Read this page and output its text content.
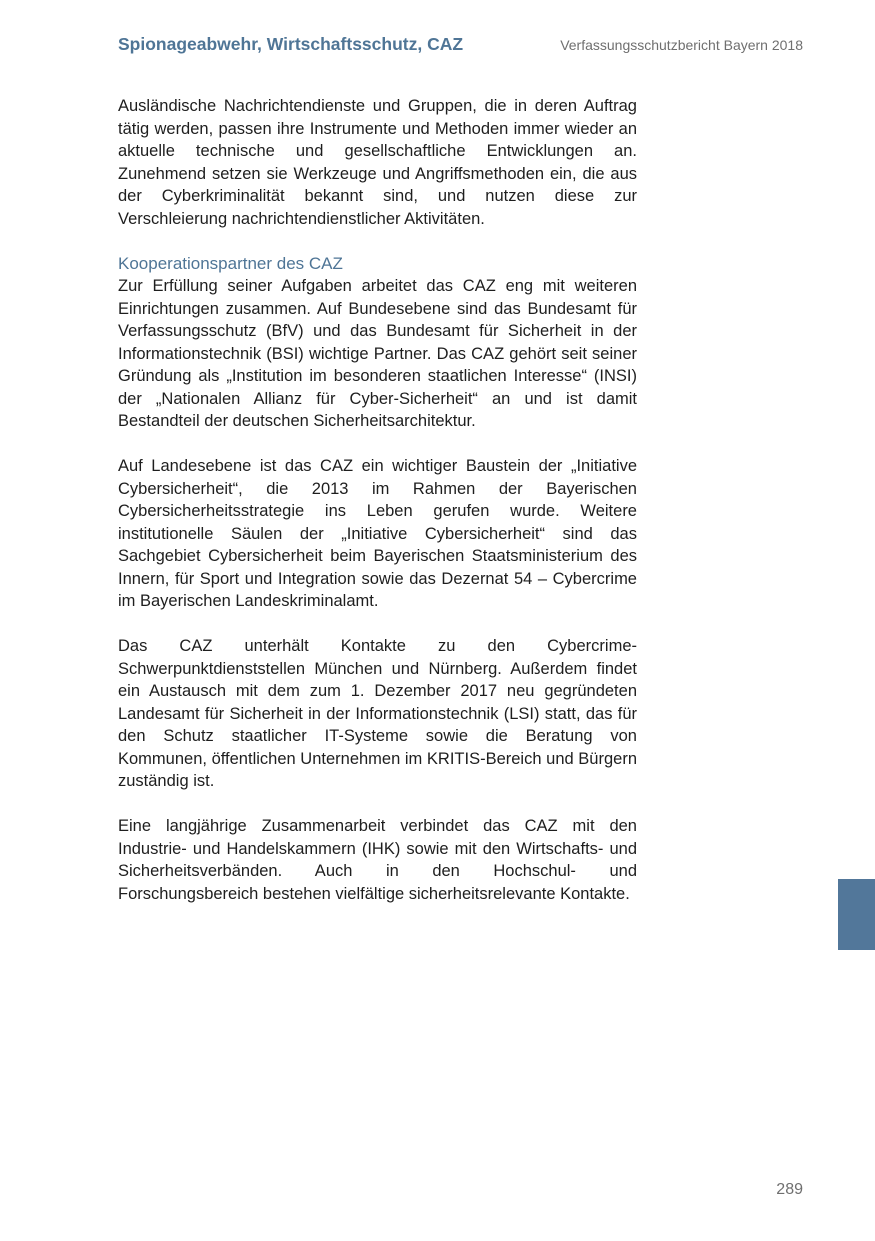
Spionageabwehr, Wirtschaftsschutz, CAZ	Verfassungsschutzbericht Bayern 2018

Ausländische Nachrichtendienste und Gruppen, die in deren Auftrag tätig werden, passen ihre Instrumente und Methoden immer wieder an aktuelle technische und gesellschaftliche Entwicklungen an. Zunehmend setzen sie Werkzeuge und Angriffsmethoden ein, die aus der Cyberkriminalität bekannt sind, und nutzen diese zur Verschleierung nachrichtendienstlicher Aktivitäten.

Kooperationspartner des CAZ

Zur Erfüllung seiner Aufgaben arbeitet das CAZ eng mit weiteren Einrichtungen zusammen. Auf Bundesebene sind das Bundesamt für Verfassungsschutz (BfV) und das Bundesamt für Sicherheit in der Informationstechnik (BSI) wichtige Partner. Das CAZ gehört seit seiner Gründung als „Institution im besonderen staatlichen Interesse“ (INSI) der „Nationalen Allianz für Cyber-Sicherheit“ an und ist damit Bestandteil der deutschen Sicherheitsarchitektur.

Auf Landesebene ist das CAZ ein wichtiger Baustein der „Initiative Cybersicherheit“, die 2013 im Rahmen der Bayerischen Cybersicherheitsstrategie ins Leben gerufen wurde. Weitere institutionelle Säulen der „Initiative Cybersicherheit“ sind das Sachgebiet Cybersicherheit beim Bayerischen Staatsministerium des Innern, für Sport und Integration sowie das Dezernat 54 – Cybercrime im Bayerischen Landeskriminalamt.

Das CAZ unterhält Kontakte zu den Cybercrime-Schwerpunktdienststellen München und Nürnberg. Außerdem findet ein Austausch mit dem zum 1. Dezember 2017 neu gegründeten Landesamt für Sicherheit in der Informationstechnik (LSI) statt, das für den Schutz staatlicher IT-Systeme sowie die Beratung von Kommunen, öffentlichen Unternehmen im KRITIS-Bereich und Bürgern zuständig ist.

Eine langjährige Zusammenarbeit verbindet das CAZ mit den Industrie- und Handelskammern (IHK) sowie mit den Wirtschafts- und Sicherheitsverbänden. Auch in den Hochschul- und Forschungsbereich bestehen vielfältige sicherheitsrelevante Kontakte.

289
